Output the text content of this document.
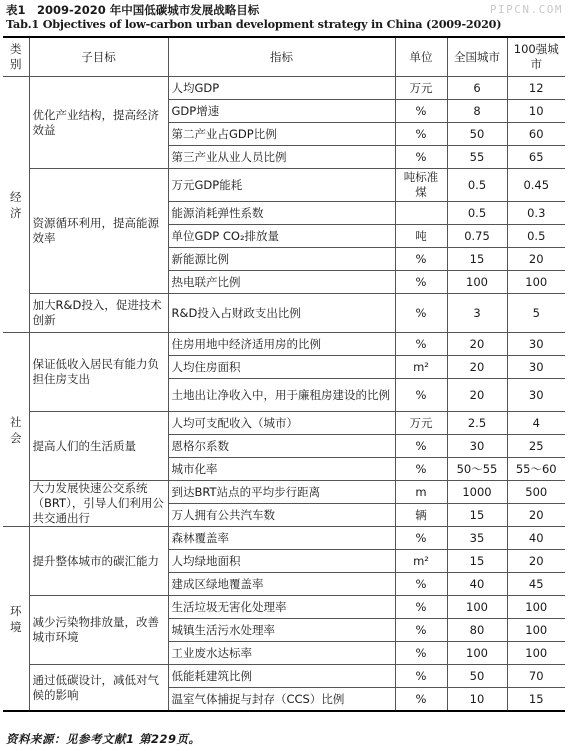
PIPCN.COM
表1　2009-2020 年中国低碳城市发展战略目标
Tab.1 Objectives of low-carbon urban development strategy in China (2009-2020)
类别	子目标	指标	单位	全国城市	100强城市
经济	优化产业结构，提高经济效益	人均GDP	万元	6	12
		GDP增速	%	8	10
		第二产业占GDP比例	%	50	60
		第三产业从业人员比例	%	55	65
	资源循环利用，提高能源效率	万元GDP能耗	吨标准煤	0.5	0.45
		能源消耗弹性系数		0.5	0.3
		单位GDP CO₂排放量	吨	0.75	0.5
		新能源比例	%	15	20
		热电联产比例	%	100	100
	加大R&D投入，促进技术创新	R&D投入占财政支出比例	%	3	5
社会	保证低收入居民有能力负担住房支出	住房用地中经济适用房的比例	%	20	30
		人均住房面积	m²	20	30
		土地出让净收入中，用于廉租房建设的比例	%	20	30
	提高人们的生活质量	人均可支配收入（城市）	万元	2.5	4
		恩格尔系数	%	30	25
		城市化率	%	50～55	55～60
	大力发展快速公交系统（BRT），引导人们利用公共交通出行	到达BRT站点的平均步行距离	m	1000	500
		万人拥有公共汽车数	辆	15	20
环境	提升整体城市的碳汇能力	森林覆盖率	%	35	40
		人均绿地面积	m²	15	20
		建成区绿地覆盖率	%	40	45
	减少污染物排放量，改善城市环境	生活垃圾无害化处理率	%	100	100
		城镇生活污水处理率	%	80	100
		工业废水达标率	%	100	100
	通过低碳设计，减低对气候的影响	低能耗建筑比例	%	50	70
		温室气体捕捉与封存（CCS）比例	%	10	15
资料来源：见参考文献1 第229页。
